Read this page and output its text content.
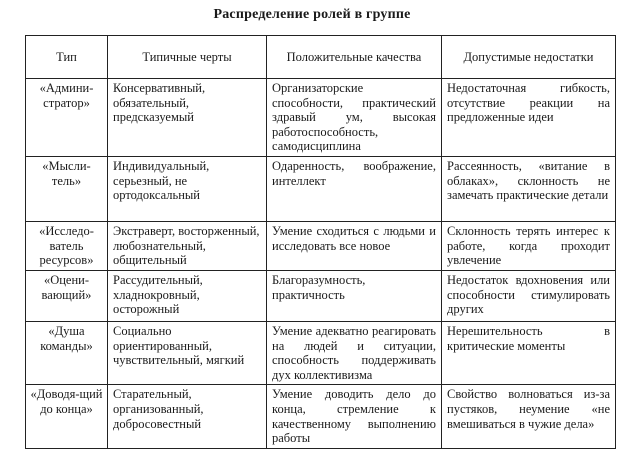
Распределение ролей в группе
Тип	Типичные черты	Положительные качества	Допустимые недостатки
«Админи-стратор»	Консервативный, обязательный, предсказуемый	Организаторские способности, практический здравый ум, высокая работоспособность, самодисциплина	Недостаточная гибкость, отсутствие реакции на предложенные идеи
«Мысли-тель»	Индивидуальный, серьезный, не ортодоксальный	Одаренность, воображение, интеллект	Рассеянность, «витание в облаках», склонность не замечать практические детали
«Исследо-ватель ресурсов»	Экстраверт, восторженный, любознательный, общительный	Умение сходиться с людьми и исследовать все новое	Склонность терять интерес к работе, когда проходит увлечение
«Оцени-вающий»	Рассудительный, хладнокровный, осторожный	Благоразумность, практичность	Недостаток вдохновения или способности стимулировать других
«Душа команды»	Социально ориентированный, чувствительный, мягкий	Умение адекватно реагировать на людей и ситуации, способность поддерживать дух коллективизма	Нерешительность в критические моменты
«Доводя-щий до конца»	Старательный, организованный, добросовестный	Умение доводить дело до конца, стремление к качественному выполнению работы	Свойство волноваться из-за пустяков, неумение «не вмешиваться в чужие дела»
